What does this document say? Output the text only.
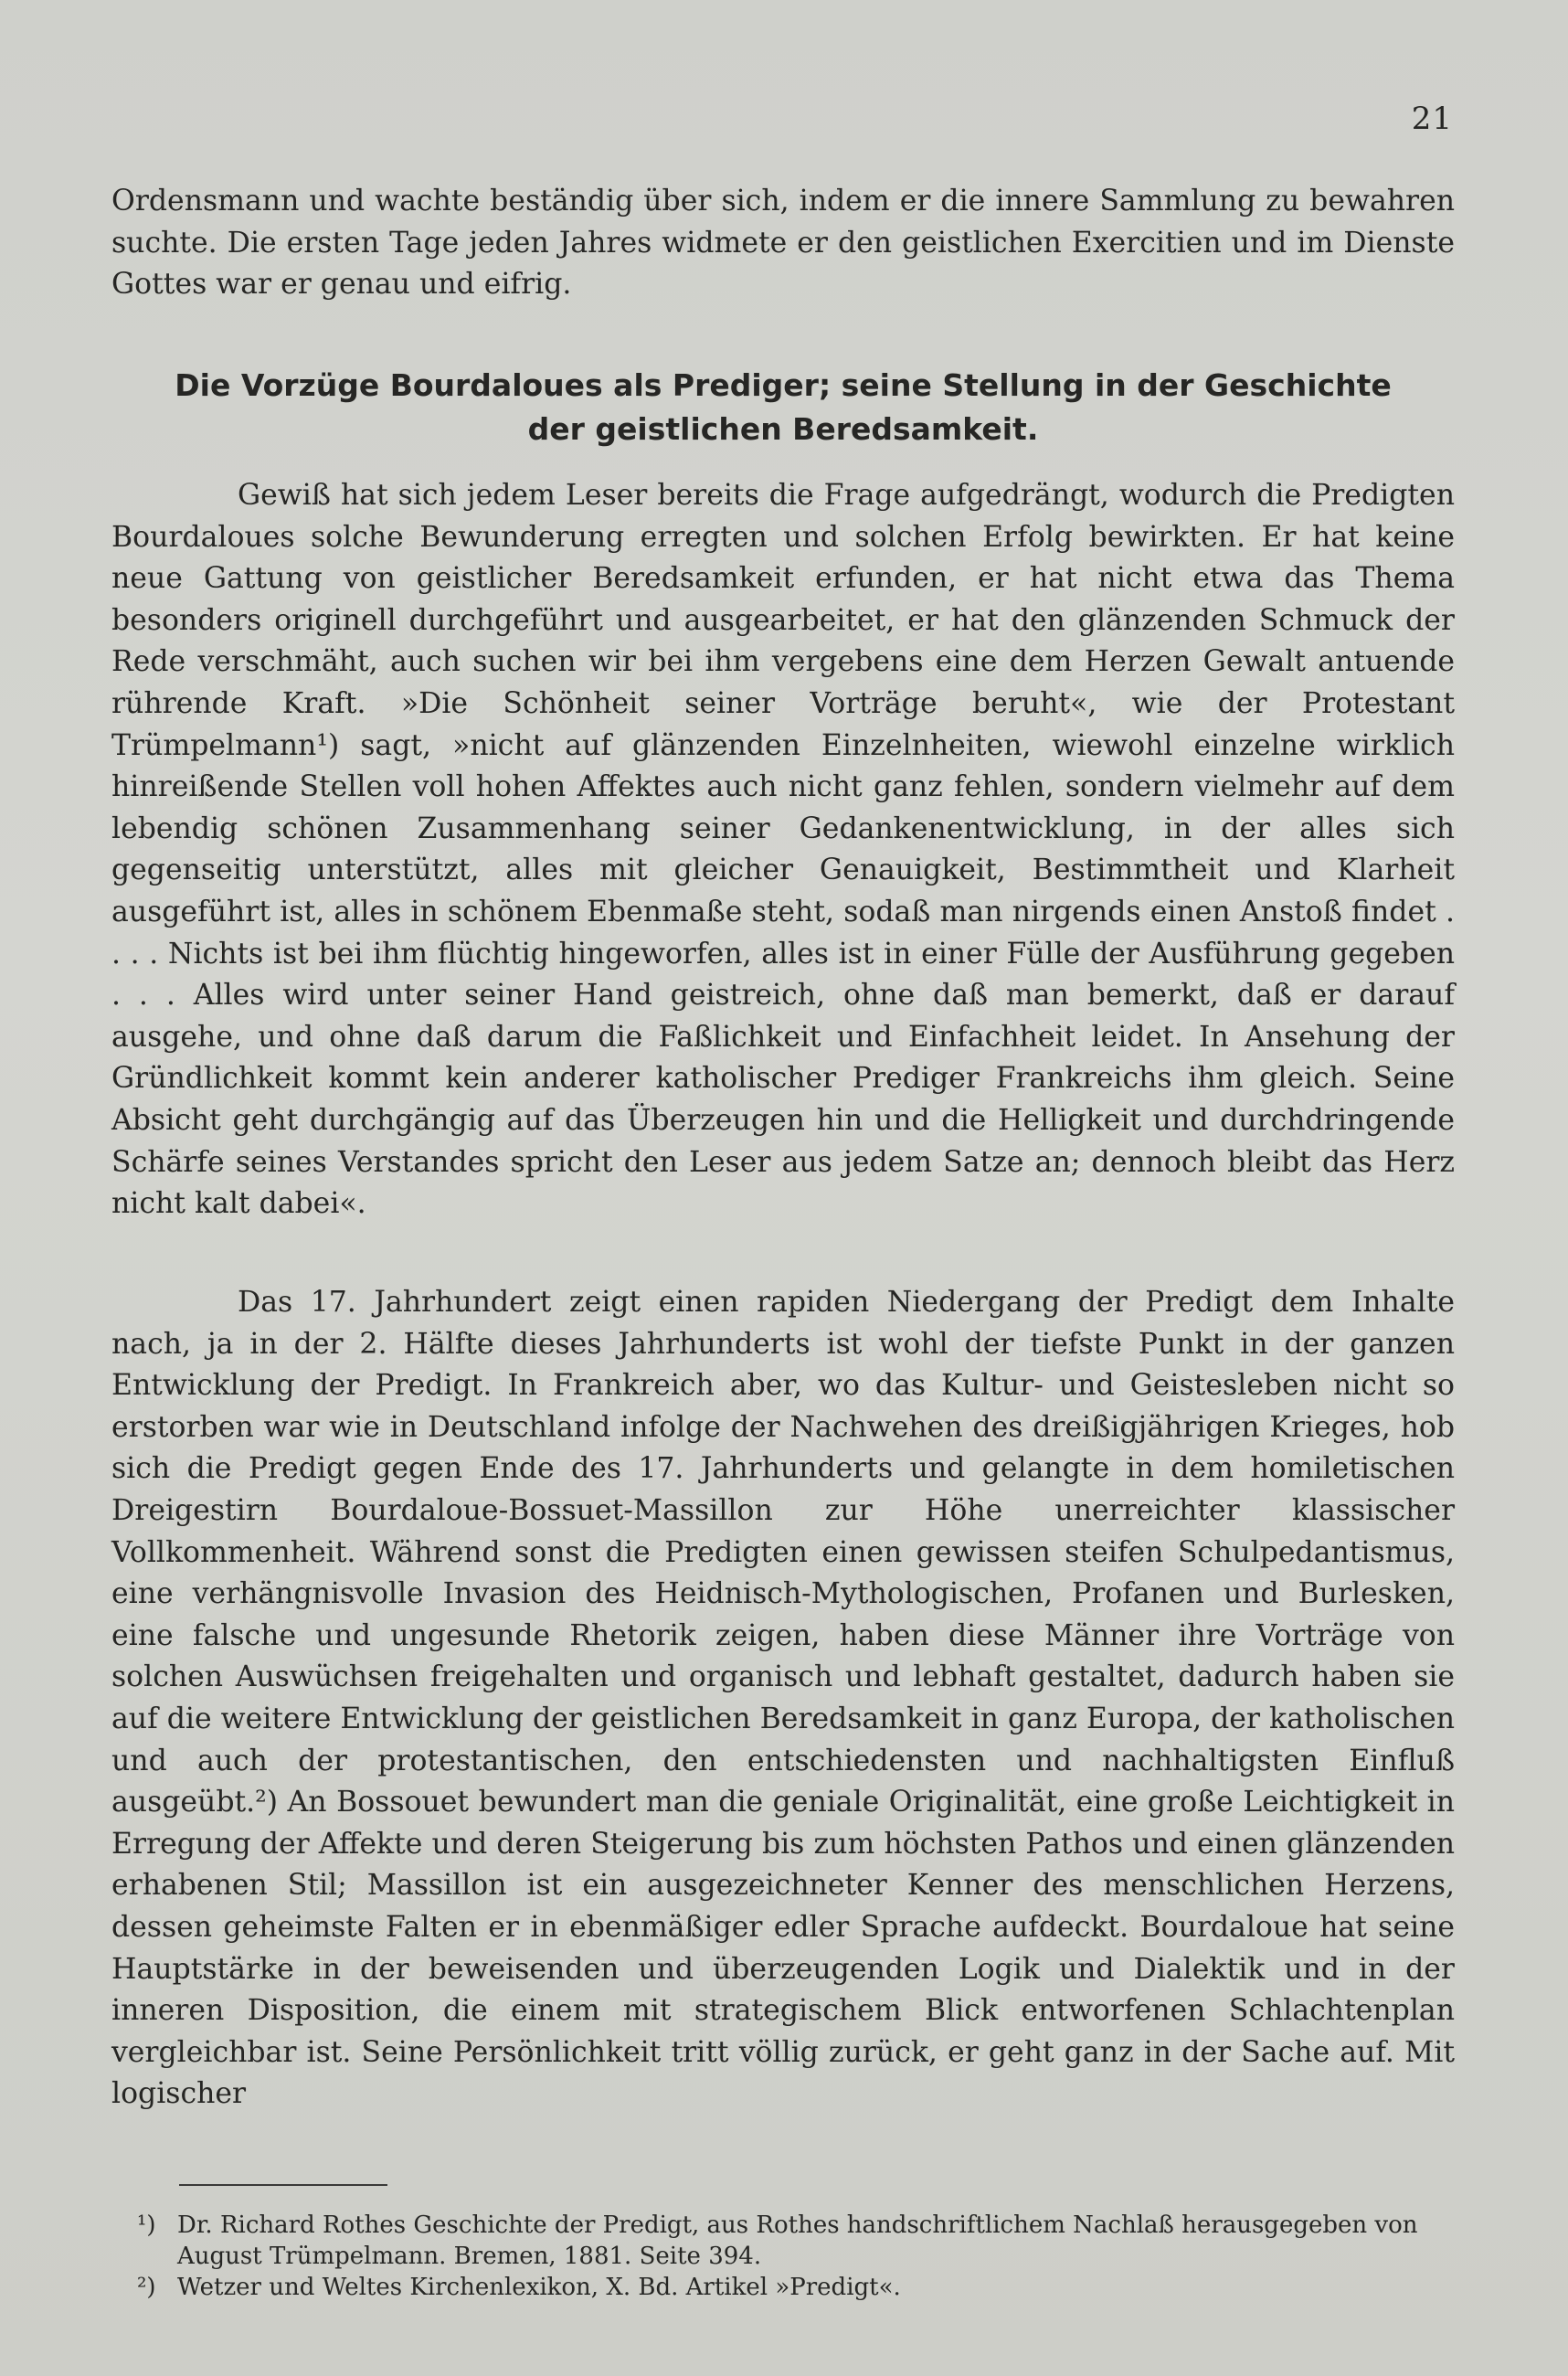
21

Ordensmann und wachte beständig über sich, indem er die innere Sammlung zu bewahren suchte. Die ersten Tage jeden Jahres widmete er den geistlichen Exercitien und im Dienste Gottes war er genau und eifrig.

Die Vorzüge Bourdaloues als Prediger; seine Stellung in der Geschichte
der geistlichen Beredsamkeit.

Gewiß hat sich jedem Leser bereits die Frage aufgedrängt, wodurch die Predigten Bourdaloues solche Bewunderung erregten und solchen Erfolg bewirkten. Er hat keine neue Gattung von geistlicher Beredsamkeit erfunden, er hat nicht etwa das Thema besonders originell durchgeführt und ausgearbeitet, er hat den glänzenden Schmuck der Rede verschmäht, auch suchen wir bei ihm vergebens eine dem Herzen Gewalt antuende rührende Kraft. »Die Schönheit seiner Vorträge beruht«, wie der Protestant Trümpelmann¹) sagt, »nicht auf glänzenden Einzelnheiten, wiewohl einzelne wirklich hinreißende Stellen voll hohen Affektes auch nicht ganz fehlen, sondern vielmehr auf dem lebendig schönen Zusammenhang seiner Gedankenentwicklung, in der alles sich gegenseitig unterstützt, alles mit gleicher Genauigkeit, Bestimmtheit und Klarheit ausgeführt ist, alles in schönem Ebenmaße steht, sodaß man nirgends einen Anstoß findet . . . . Nichts ist bei ihm flüchtig hingeworfen, alles ist in einer Fülle der Ausführung gegeben . . . Alles wird unter seiner Hand geistreich, ohne daß man bemerkt, daß er darauf ausgehe, und ohne daß darum die Faßlichkeit und Einfachheit leidet. In Ansehung der Gründlichkeit kommt kein anderer katholischer Prediger Frankreichs ihm gleich. Seine Absicht geht durchgängig auf das Überzeugen hin und die Helligkeit und durchdringende Schärfe seines Verstandes spricht den Leser aus jedem Satze an; dennoch bleibt das Herz nicht kalt dabei«.

Das 17. Jahrhundert zeigt einen rapiden Niedergang der Predigt dem Inhalte nach, ja in der 2. Hälfte dieses Jahrhunderts ist wohl der tiefste Punkt in der ganzen Entwicklung der Predigt. In Frankreich aber, wo das Kultur- und Geistesleben nicht so erstorben war wie in Deutschland infolge der Nachwehen des dreißigjährigen Krieges, hob sich die Predigt gegen Ende des 17. Jahrhunderts und gelangte in dem homiletischen Dreigestirn Bourdaloue-Bossuet-Massillon zur Höhe unerreichter klassischer Vollkommenheit. Während sonst die Predigten einen gewissen steifen Schulpedantismus, eine verhängnisvolle Invasion des Heidnisch-Mythologischen, Profanen und Burlesken, eine falsche und ungesunde Rhetorik zeigen, haben diese Männer ihre Vorträge von solchen Auswüchsen freigehalten und organisch und lebhaft gestaltet, dadurch haben sie auf die weitere Entwicklung der geistlichen Beredsamkeit in ganz Europa, der katholischen und auch der protestantischen, den entschiedensten und nachhaltigsten Einfluß ausgeübt.²) An Bossouet bewundert man die geniale Originalität, eine große Leichtigkeit in Erregung der Affekte und deren Steigerung bis zum höchsten Pathos und einen glänzenden erhabenen Stil; Massillon ist ein ausgezeichneter Kenner des menschlichen Herzens, dessen geheimste Falten er in ebenmäßiger edler Sprache aufdeckt. Bourdaloue hat seine Hauptstärke in der beweisenden und überzeugenden Logik und Dialektik und in der inneren Disposition, die einem mit strategischem Blick entworfenen Schlachtenplan vergleichbar ist. Seine Persönlichkeit tritt völlig zurück, er geht ganz in der Sache auf. Mit logischer

¹) Dr. Richard Rothes Geschichte der Predigt, aus Rothes handschriftlichem Nachlaß herausgegeben von August Trümpelmann. Bremen, 1881. Seite 394.
²) Wetzer und Weltes Kirchenlexikon, X. Bd. Artikel »Predigt«.
